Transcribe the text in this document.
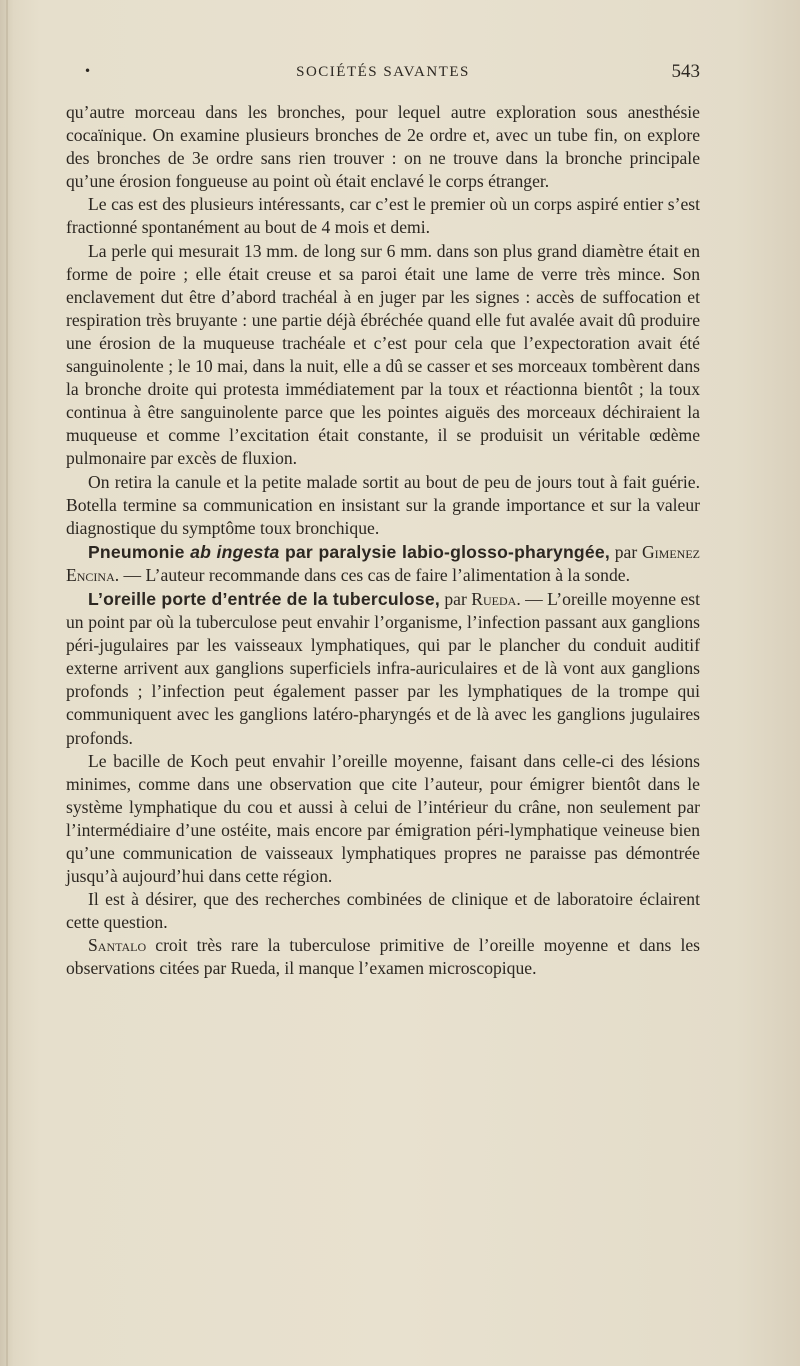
•	SOCIÉTÉS SAVANTES	543

qu’autre morceau dans les bronches, pour lequel autre exploration sous anesthésie cocaïnique. On examine plusieurs bronches de 2e ordre et, avec un tube fin, on explore des bronches de 3e ordre sans rien trouver : on ne trouve dans la bronche principale qu’une érosion fongueuse au point où était enclavé le corps étranger.

Le cas est des plusieurs intéressants, car c’est le premier où un corps aspiré entier s’est fractionné spontanément au bout de 4 mois et demi.

La perle qui mesurait 13 mm. de long sur 6 mm. dans son plus grand diamètre était en forme de poire ; elle était creuse et sa paroi était une lame de verre très mince. Son enclavement dut être d’abord trachéal à en juger par les signes : accès de suffocation et respiration très bruyante : une partie déjà ébréchée quand elle fut avalée avait dû produire une érosion de la muqueuse trachéale et c’est pour cela que l’expectoration avait été sanguinolente ; le 10 mai, dans la nuit, elle a dû se casser et ses morceaux tombèrent dans la bronche droite qui protesta immédiatement par la toux et réactionna bientôt ; la toux continua à être sanguinolente parce que les pointes aiguës des morceaux déchiraient la muqueuse et comme l’excitation était constante, il se produisit un véritable œdème pulmonaire par excès de fluxion.

On retira la canule et la petite malade sortit au bout de peu de jours tout à fait guérie. Botella termine sa communication en insistant sur la grande importance et sur la valeur diagnostique du symptôme toux bronchique.

Pneumonie ab ingesta par paralysie labio-glosso-pharyngée, par Gimenez Encina. — L’auteur recommande dans ces cas de faire l’alimentation à la sonde.

L’oreille porte d’entrée de la tuberculose, par Rueda. — L’oreille moyenne est un point par où la tuberculose peut envahir l’organisme, l’infection passant aux ganglions péri-jugulaires par les vaisseaux lymphatiques, qui par le plancher du conduit auditif externe arrivent aux ganglions superficiels infra-auriculaires et de là vont aux ganglions profonds ; l’infection peut également passer par les lymphatiques de la trompe qui communiquent avec les ganglions latéro-pharyngés et de là avec les ganglions jugulaires profonds.

Le bacille de Koch peut envahir l’oreille moyenne, faisant dans celle-ci des lésions minimes, comme dans une observation que cite l’auteur, pour émigrer bientôt dans le système lymphatique du cou et aussi à celui de l’intérieur du crâne, non seulement par l’intermédiaire d’une ostéite, mais encore par émigration péri-lymphatique veineuse bien qu’une communication de vaisseaux lymphatiques propres ne paraisse pas démontrée jusqu’à aujourd’hui dans cette région.

Il est à désirer, que des recherches combinées de clinique et de laboratoire éclairent cette question.

Santalo croit très rare la tuberculose primitive de l’oreille moyenne et dans les observations citées par Rueda, il manque l’examen microscopique.
